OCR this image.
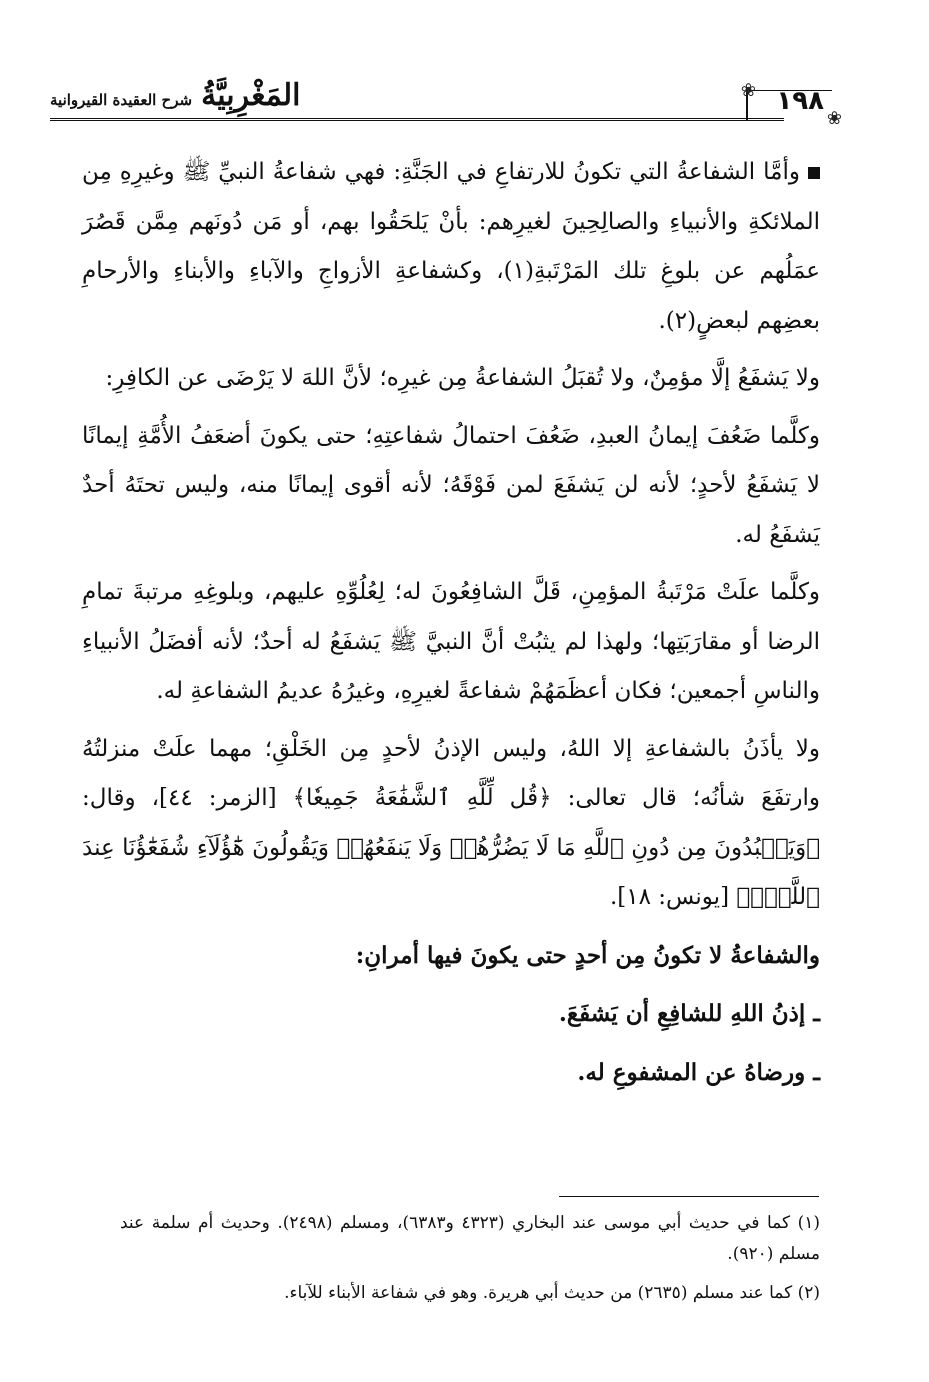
المَغْرِبِيَّةُ شرح العقيدة القيروانية	❀
❀
١٩٨

وأمَّا الشفاعةُ التي تكونُ للارتفاعِ في الجَنَّةِ: فهي شفاعةُ النبيِّ ﷺ وغيرِهِ مِن الملائكةِ والأنبياءِ والصالِحِينَ لغيرِهم: بأنْ يَلحَقُوا بهم، أو مَن دُونَهم مِمَّن قَصُرَ عمَلُهم عن بلوغِ تلك المَرْتَبةِ(١)، وكشفاعةِ الأزواجِ والآباءِ والأبناءِ والأرحامِ بعضِهم لبعضٍ(٢).

ولا يَشفَعُ إلَّا مؤمِنٌ، ولا تُقبَلُ الشفاعةُ مِن غيرِه؛ لأنَّ اللهَ لا يَرْضَى عن الكافِرِ:

وكلَّما ضَعُفَ إيمانُ العبدِ، ضَعُفَ احتمالُ شفاعتِهِ؛ حتى يكونَ أضعَفُ الأُمَّةِ إيمانًا لا يَشفَعُ لأحدٍ؛ لأنه لن يَشفَعَ لمن فَوْقَهُ؛ لأنه أقوى إيمانًا منه، وليس تحتَهُ أحدٌ يَشفَعُ له.

وكلَّما علَتْ مَرْتَبةُ المؤمِنِ، قَلَّ الشافِعُونَ له؛ لِعُلُوِّهِ عليهم، وبلوغِهِ مرتبةَ تمامِ الرضا أو مقارَبَتِها؛ ولهذا لم يثبُتْ أنَّ النبيَّ ﷺ يَشفَعُ له أحدٌ؛ لأنه أفضَلُ الأنبياءِ والناسِ أجمعين؛ فكان أعظَمَهُمْ شفاعةً لغيرِهِ، وغيرُهُ عديمُ الشفاعةِ له.

ولا يأذَنُ بالشفاعةِ إلا اللهُ، وليس الإذنُ لأحدٍ مِن الخَلْقِ؛ مهما علَتْ منزلتُهُ وارتفَعَ شأنُه؛ قال تعالى: ﴿قُل لِّلَّهِ ٱلشَّفَٰعَةُ جَمِيعٗا﴾ [الزمر: ٤٤]، وقال: ﴿وَيَعۡبُدُونَ مِن دُونِ ٱللَّهِ مَا لَا يَضُرُّهُمۡ وَلَا يَنفَعُهُمۡ وَيَقُولُونَ هَٰٓؤُلَآءِ شُفَعَٰٓؤُنَا عِندَ ٱللَّهِۚ﴾ [يونس: ١٨].

والشفاعةُ لا تكونُ مِن أحدٍ حتى يكونَ فيها أمرانِ:

ـ إذنُ اللهِ للشافِعِ أن يَشفَعَ.

ـ ورضاهُ عن المشفوعِ له.

(١) كما في حديث أبي موسى عند البخاري (٤٣٢٣ و٦٣٨٣)، ومسلم (٢٤٩٨). وحديث أم سلمة عند مسلم (٩٢٠).

(٢) كما عند مسلم (٢٦٣٥) من حديث أبي هريرة. وهو في شفاعة الأبناء للآباء.
